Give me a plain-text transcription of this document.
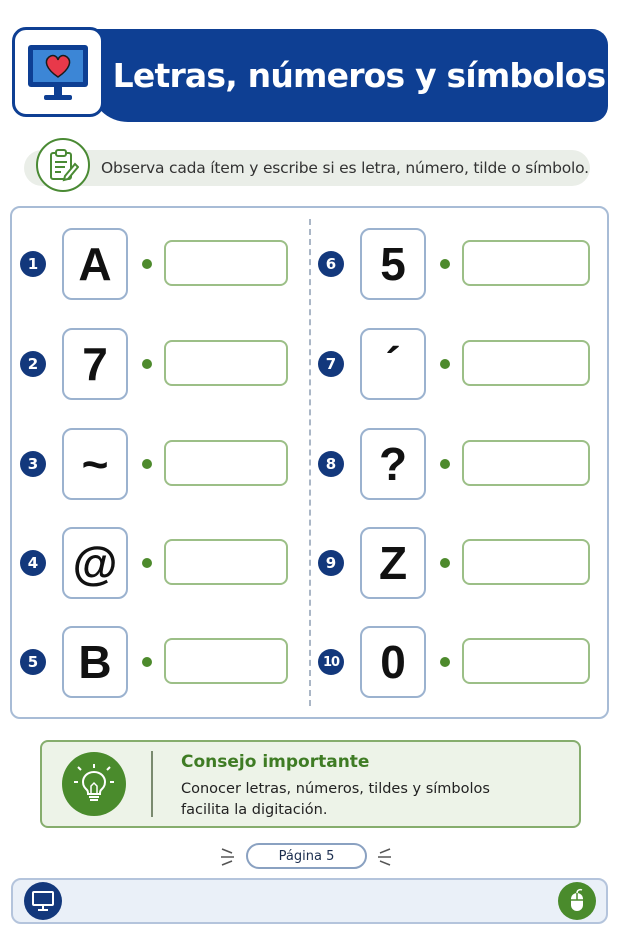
Letras, números y símbolos
Observa cada ítem y escribe si es letra, número, tilde o símbolo.
1 A
2 7
3 ~
4 @
5 B
6 5
7	´
8 ?
9 Z
10 0
Consejo importante
Conocer letras, números, tildes y símbolos facilita la digitación.
Página 5
